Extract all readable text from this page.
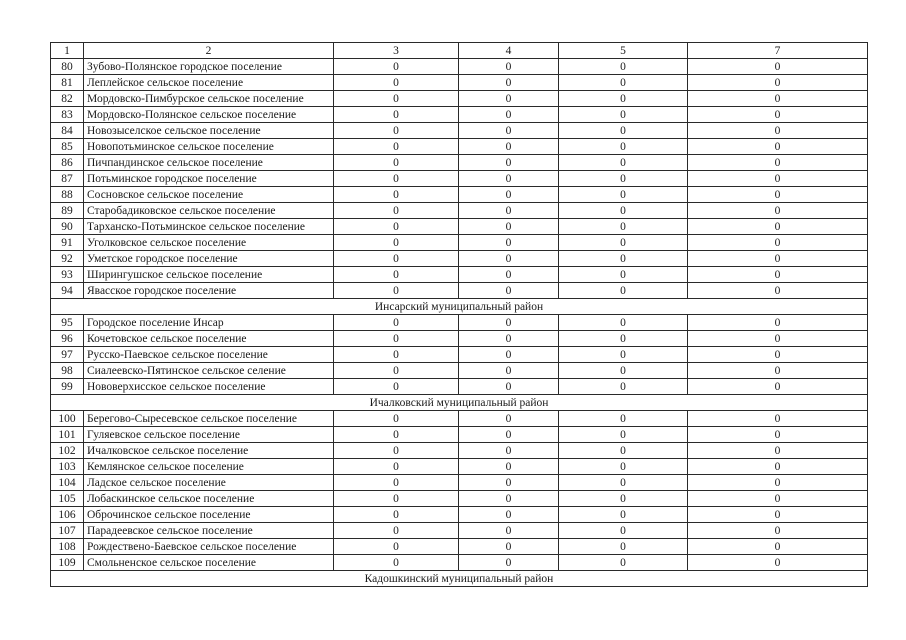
1	2	3	4	5	7
80	Зубово-Полянское городское поселение	0	0	0	0
81	Леплейское сельское поселение	0	0	0	0
82	Мордовско-Пимбурское сельское поселение	0	0	0	0
83	Мордовско-Полянское сельское поселение	0	0	0	0
84	Новозыселское сельское поселение	0	0	0	0
85	Новопотьминское сельское поселение	0	0	0	0
86	Пичпандинское сельское поселение	0	0	0	0
87	Потьминское городское поселение	0	0	0	0
88	Сосновское сельское поселение	0	0	0	0
89	Старобадиковское сельское поселение	0	0	0	0
90	Тарханско-Потьминское сельское поселение	0	0	0	0
91	Уголковское сельское поселение	0	0	0	0
92	Уметское городское поселение	0	0	0	0
93	Ширингушское сельское поселение	0	0	0	0
94	Явасское городское поселение	0	0	0	0
Инсарский муниципальный район					
95	Городское поселение Инсар	0	0	0	0
96	Кочетовское сельское поселение	0	0	0	0
97	Русско-Паевское сельское поселение	0	0	0	0
98	Сиалеевско-Пятинское сельское селение	0	0	0	0
99	Нововерхисское сельское поселение	0	0	0	0
Ичалковский муниципальный район					
100	Берегово-Сыресевское сельское поселение	0	0	0	0
101	Гуляевское сельское поселение	0	0	0	0
102	Ичалковское сельское поселение	0	0	0	0
103	Кемлянское сельское поселение	0	0	0	0
104	Ладское сельское поселение	0	0	0	0
105	Лобаскинское сельское поселение	0	0	0	0
106	Оброчинское сельское поселение	0	0	0	0
107	Парадеевское сельское поселение	0	0	0	0
108	Рождествено-Баевское сельское поселение	0	0	0	0
109	Смольненское сельское поселение	0	0	0	0
Кадошкинский муниципальный район					
